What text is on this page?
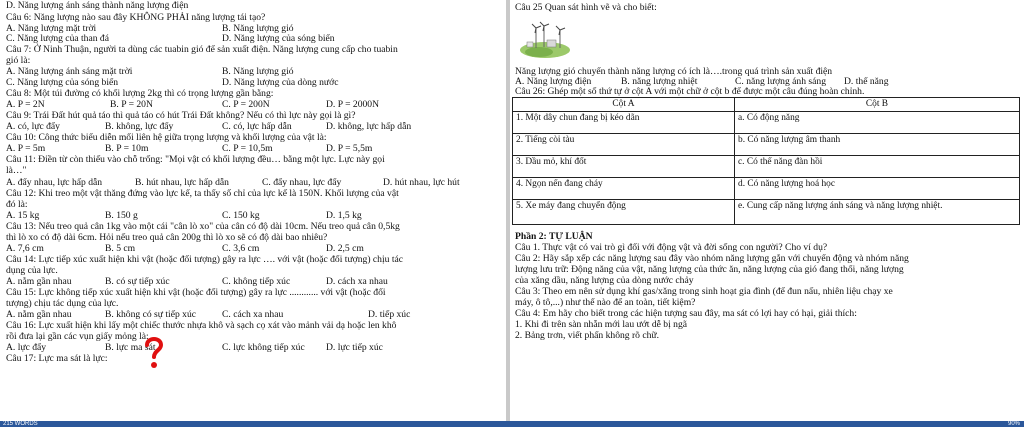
D. Năng lượng ánh sáng thành năng lượng điện
Câu 6: Năng lượng nào sau đây KHÔNG PHẢI năng lượng tái tạo?
A. Năng lượng mặt trời	B. Năng lượng gió
C. Năng lượng của than đá	D. Năng lượng của sóng biển
Câu 7: Ở Ninh Thuận, người ta dùng các tuabin gió để sản xuất điện. Năng lượng cung cấp cho tuabin
gió là:
A. Năng lượng ánh sáng mặt trời	B. Năng lượng gió
C. Năng lượng của sóng biển	D. Năng lượng của dòng nước
Câu 8: Một túi đường có khối lượng 2kg thì có trọng lượng gần bằng:
A. P = 2N	B. P = 20N	C. P = 200N	D. P = 2000N
Câu 9: Trái Đất hút quả táo thì quả táo có hút Trái Đất không? Nếu có thì lực này gọi là gì?
A. có, lực đẩy	B. không, lực đẩy	C. có, lực hấp dẫn	D. không, lực hấp dẫn
Câu 10: Công thức biểu diễn mối liên hệ giữa trọng lượng và khối lượng của vật là:
A. P = 5m	B. P = 10m	C. P = 10,5m	D. P = 5,5m
Câu 11: Điền từ còn thiếu vào chỗ trống: "Mọi vật có khối lượng đều… bằng một lực. Lực này gọi
là…"
A. đẩy nhau, lực hấp dẫn	B. hút nhau, lực hấp dẫn	C. đẩy nhau, lực đẩy	D. hút nhau, lực hút
Câu 12: Khi treo một vật thăng đứng vào lực kế, ta thấy số chỉ của lực kế là 150N. Khối lượng của vật
đó là:
A. 15 kg	B. 150 g	C. 150 kg	D. 1,5 kg
Câu 13: Nếu treo quả cân 1kg vào một cái "cân lò xo" của cân có độ dài 10cm. Nếu treo quả cân 0,5kg
thì lò xo có độ dài 6cm. Hỏi nếu treo quả cân 200g thì lò xo sẽ có độ dài bao nhiêu?
A. 7,6 cm	B. 5 cm	C. 3,6 cm	D. 2,5 cm
Câu 14: Lực tiếp xúc xuất hiện khi vật (hoặc đối tượng) gây ra lực …. với vật (hoặc đối tượng) chịu tác
dụng của lực.
A. nằm gần nhau	B. có sự tiếp xúc	C. không tiếp xúc	D. cách xa nhau
Câu 15: Lực không tiếp xúc xuất hiện khi vật (hoặc đối tượng) gây ra lực ............ với vật (hoặc đối
tượng) chịu tác dụng của lực.
A. nằm gần nhau	B. không có sự tiếp xúc	C. cách xa nhau	D. tiếp xúc
Câu 16: Lực xuất hiện khi lấy một chiếc thước nhựa khô và sạch cọ xát vào mảnh vải dạ hoặc len khô
rồi đưa lại gần các vụn giấy mỏng là:
A. lực đẩy	B. lực ma sát	C. lực không tiếp xúc D. lực tiếp xúc
Câu 17: Lực ma sát là lực:
Câu 25 Quan sát hình vẽ và cho biết:
Năng lượng gió chuyển thành năng lượng có ích là….trong quá trình sản xuất điện
A. Năng lượng điện	B. năng lượng nhiệt	C. năng lượng ánh sáng D. thế năng
Câu 26: Ghép một số thứ tự ở cột A với một chữ ở cột b để được một câu đúng hoàn chỉnh.
Cột A	Cột B
1. Một dây chun đang bị kéo dãn	a. Có động năng
2. Tiếng còi tàu	b. Có năng lượng âm thanh
3. Dầu mỏ, khí đốt	c. Có thế năng đàn hồi
4. Ngọn nến đang cháy	d. Có năng lượng hoá học
5. Xe máy đang chuyển động	e. Cung cấp năng lượng ánh sáng và năng lượng nhiệt.
Phần 2: TỰ LUẬN
Câu 1. Thực vật có vai trò gì đối với động vật và đời sống con người? Cho ví dụ?
Câu 2: Hãy sắp xếp các năng lượng sau đây vào nhóm năng lượng gắn với chuyển động và nhóm năng
lượng lưu trữ: Động năng của vật, năng lượng của thức ăn, năng lượng của gió đang thổi, năng lượng
của xăng dầu, năng lượng của dòng nước chảy
Câu 3: Theo em nên sử dụng khí gas/xăng trong sinh hoạt gia đình (để đun nấu, nhiên liệu chạy xe
máy, ô tô,...) như thế nào để an toàn, tiết kiệm?
Câu 4: Em hãy cho biết trong các hiện tượng sau đây, ma sát có lợi hay có hại, giải thích:
1. Khi đi trên sàn nhẵn mới lau ướt dễ bị ngã
2. Bảng trơn, viết phấn không rõ chữ.
215 WORDS	90%
